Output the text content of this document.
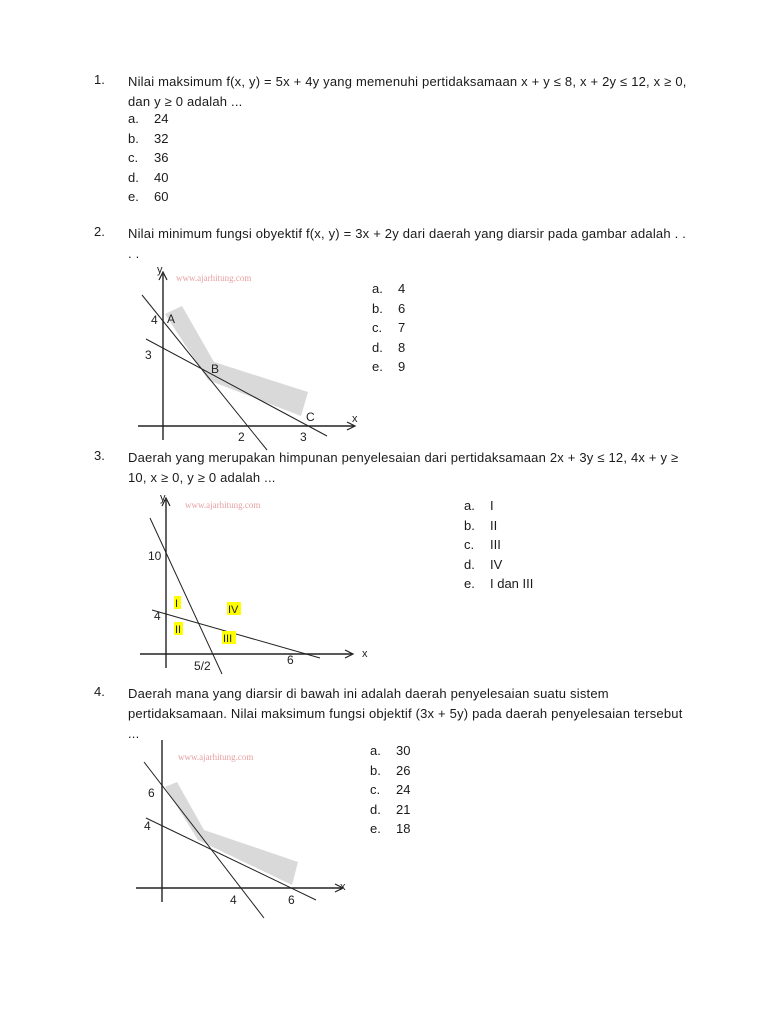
1. Nilai maksimum f(x, y) = 5x + 4y yang memenuhi pertidaksamaan x + y ≤ 8, x + 2y ≤ 12, x ≥ 0, dan y ≥ 0 adalah ...
a. 24
b. 32
c. 36
d. 40
e. 60
2. Nilai minimum fungsi obyektif f(x, y) = 3x + 2y dari daerah yang diarsir pada gambar adalah . . . .
a. 4
b. 6
c. 7
d. 8
e. 9
www.ajarhitung.com
y
x
4
3
2	3
A
B
C
3. Daerah yang merupakan himpunan penyelesaian dari pertidaksamaan 2x + 3y ≤ 12, 4x + y ≥ 10, x ≥ 0, y ≥ 0 adalah ...
a. I
b. II
c. III
d. IV
e. I dan III
www.ajarhitung.com
I
II
III
IV
y
x
10
4
5/2	6
4. Daerah mana yang diarsir di bawah ini adalah daerah penyelesaian suatu sistem pertidaksamaan. Nilai maksimum fungsi objektif (3x + 5y) pada daerah penyelesaian tersebut ...
a. 30
b. 26
c. 24
d. 21
e. 18
www.ajarhitung.com
x
6
4
4	6
